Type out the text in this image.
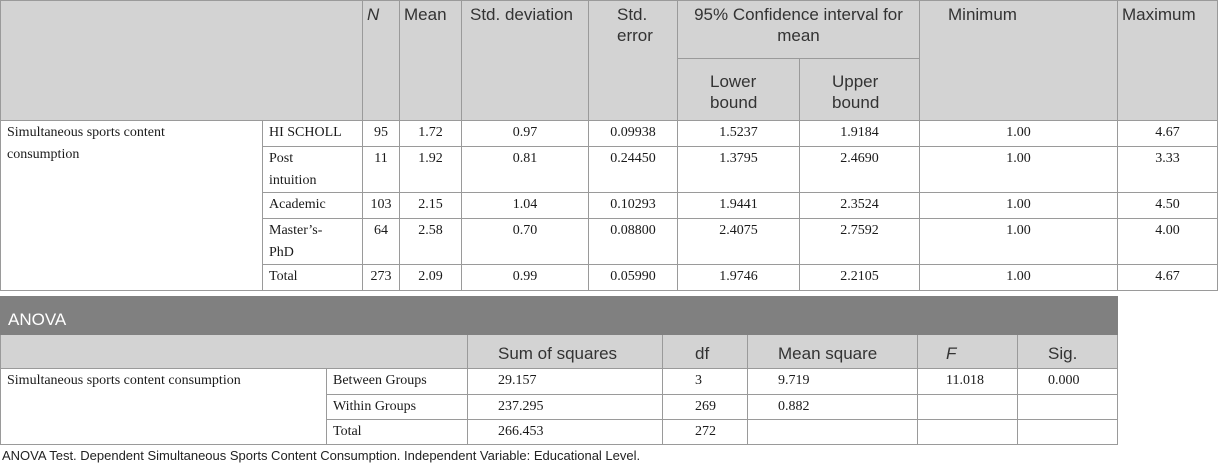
		N	Mean	Std. deviation	Std. error	95% Confidence interval for mean		Minimum	Maximum
						Lower bound	Upper bound		
Simultaneous sports content consumption	HI SCHOLL	95	1.72	0.97	0.09938	1.5237	1.9184	1.00	4.67
	Post intuition	11	1.92	0.81	0.24450	1.3795	2.4690	1.00	3.33
	Academic	103	2.15	1.04	0.10293	1.9441	2.3524	1.00	4.50
	Master’s-PhD	64	2.58	0.70	0.08800	2.4075	2.7592	1.00	4.00
	Total	273	2.09	0.99	0.05990	1.9746	2.2105	1.00	4.67
ANOVA						
		Sum of squares	df	Mean square	F	Sig.
Simultaneous sports content consumption	Between Groups	29.157	3	9.719	11.018	0.000
	Within Groups	237.295	269	0.882		
	Total	266.453	272			
ANOVA Test. Dependent Simultaneous Sports Content Consumption. Independent Variable: Educational Level.
